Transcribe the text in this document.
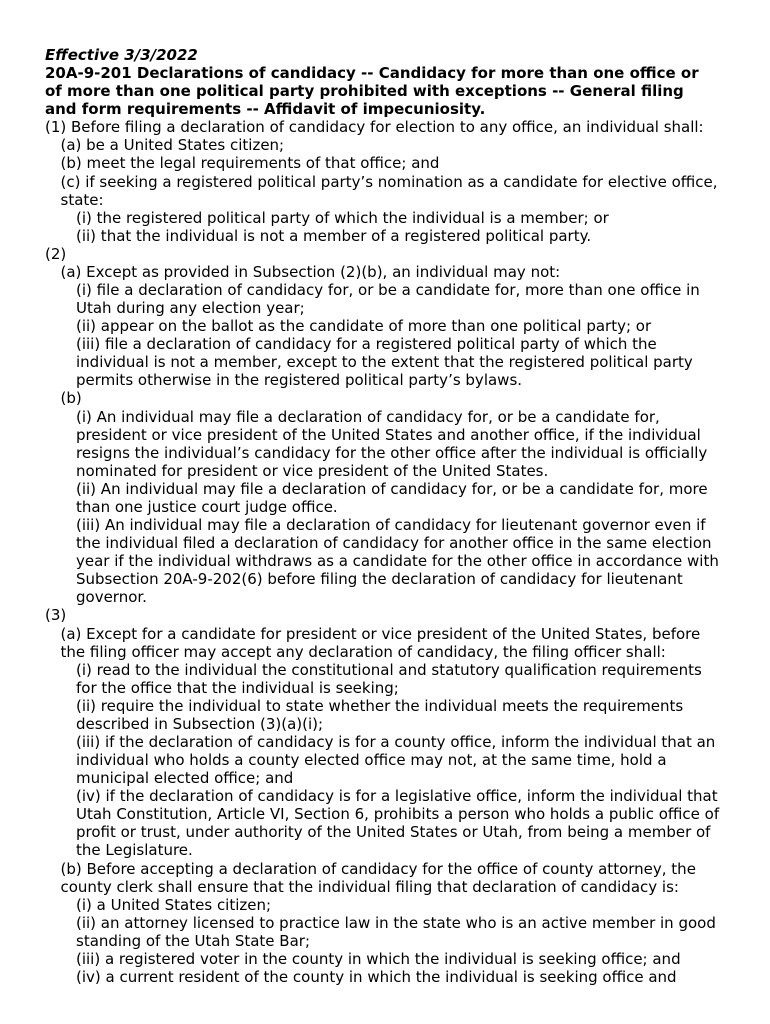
Effective 3/3/2022
20A-9-201 Declarations of candidacy -- Candidacy for more than one office or
of more than one political party prohibited with exceptions -- General filing
and form requirements -- Affidavit of impecuniosity.
(1) Before filing a declaration of candidacy for election to any office, an individual shall:
(a) be a United States citizen;
(b) meet the legal requirements of that office; and
(c) if seeking a registered political party’s nomination as a candidate for elective office,
state:
(i) the registered political party of which the individual is a member; or
(ii) that the individual is not a member of a registered political party.
(2)
(a) Except as provided in Subsection (2)(b), an individual may not:
(i) file a declaration of candidacy for, or be a candidate for, more than one office in
Utah during any election year;
(ii) appear on the ballot as the candidate of more than one political party; or
(iii) file a declaration of candidacy for a registered political party of which the
individual is not a member, except to the extent that the registered political party
permits otherwise in the registered political party’s bylaws.
(b)
(i) An individual may file a declaration of candidacy for, or be a candidate for,
president or vice president of the United States and another office, if the individual
resigns the individual’s candidacy for the other office after the individual is officially
nominated for president or vice president of the United States.
(ii) An individual may file a declaration of candidacy for, or be a candidate for, more
than one justice court judge office.
(iii) An individual may file a declaration of candidacy for lieutenant governor even if
the individual filed a declaration of candidacy for another office in the same election
year if the individual withdraws as a candidate for the other office in accordance with
Subsection 20A-9-202(6) before filing the declaration of candidacy for lieutenant
governor.
(3)
(a) Except for a candidate for president or vice president of the United States, before
the filing officer may accept any declaration of candidacy, the filing officer shall:
(i) read to the individual the constitutional and statutory qualification requirements
for the office that the individual is seeking;
(ii) require the individual to state whether the individual meets the requirements
described in Subsection (3)(a)(i);
(iii) if the declaration of candidacy is for a county office, inform the individual that an
individual who holds a county elected office may not, at the same time, hold a
municipal elected office; and
(iv) if the declaration of candidacy is for a legislative office, inform the individual that
Utah Constitution, Article VI, Section 6, prohibits a person who holds a public office of
profit or trust, under authority of the United States or Utah, from being a member of
the Legislature.
(b) Before accepting a declaration of candidacy for the office of county attorney, the
county clerk shall ensure that the individual filing that declaration of candidacy is:
(i) a United States citizen;
(ii) an attorney licensed to practice law in the state who is an active member in good
standing of the Utah State Bar;
(iii) a registered voter in the county in which the individual is seeking office; and
(iv) a current resident of the county in which the individual is seeking office and
